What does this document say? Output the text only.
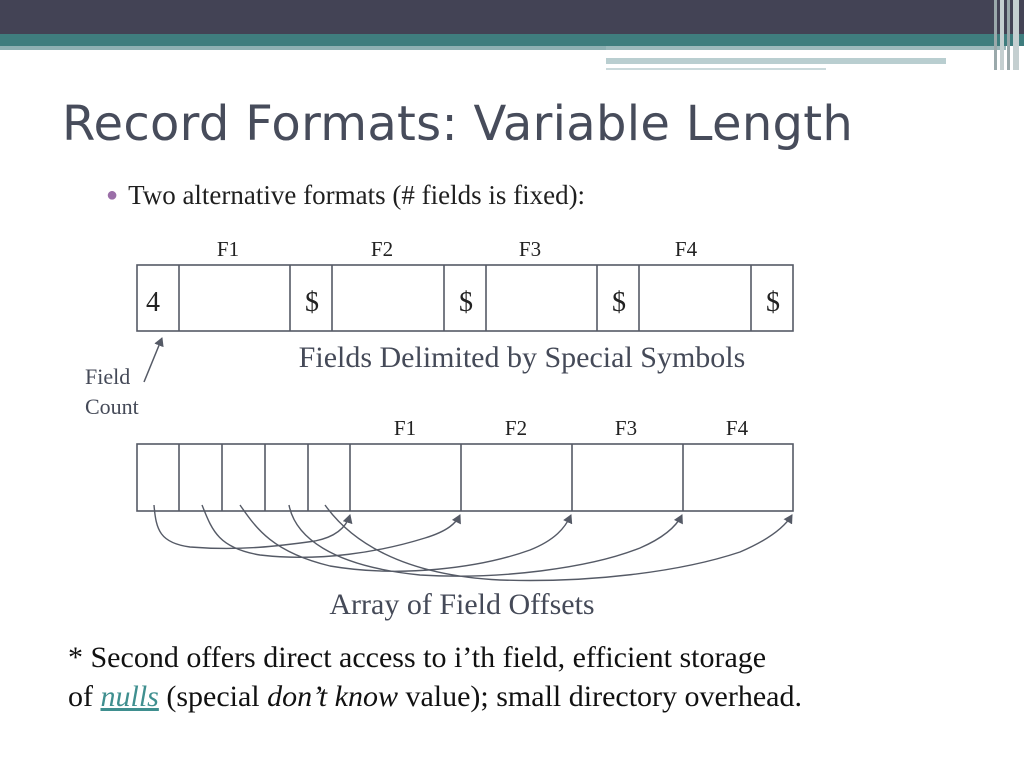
Record Formats: Variable Length
● Two alternative formats (# fields is fixed):
F1	F2	F3	F4
4	$	$	$	$
Fields Delimited by Special Symbols
Field
Count
F1	F2	F3	F4
Array of Field Offsets
* Second offers direct access to i’th field, efficient storage
of nulls (special don’t know value); small directory overhead.
